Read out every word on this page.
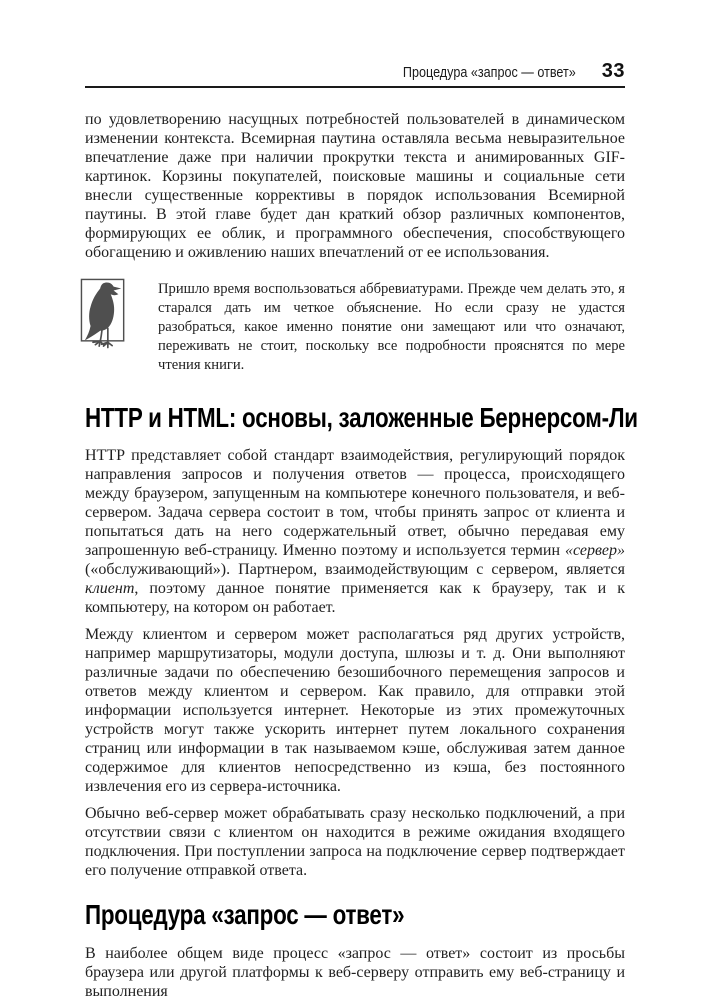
Процедура «запрос — ответ» 33

по удовлетворению насущных потребностей пользователей в динамическом изменении контекста. Всемирная паутина оставляла весьма невыразительное впечатление даже при наличии прокрутки текста и анимированных GIF-картинок. Корзины покупателей, поисковые машины и социальные сети внесли существенные коррективы в порядок использования Всемирной паутины. В этой главе будет дан краткий обзор различных компонентов, формирующих ее облик, и программного обеспечения, способствующего обогащению и оживлению наших впечатлений от ее использования.

Пришло время воспользоваться аббревиатурами. Прежде чем делать это, я старался дать им четкое объяснение. Но если сразу не удастся разобраться, какое именно понятие они замещают или что означают, переживать не стоит, поскольку все подробности прояснятся по мере чтения книги.

HTTP и HTML: основы, заложенные Бернерсом-Ли

HTTP представляет собой стандарт взаимодействия, регулирующий порядок направления запросов и получения ответов — процесса, происходящего между браузером, запущенным на компьютере конечного пользователя, и веб-сервером. Задача сервера состоит в том, чтобы принять запрос от клиента и попытаться дать на него содержательный ответ, обычно передавая ему запрошенную веб-страницу. Именно поэтому и используется термин «сервер» («обслуживающий»). Партнером, взаимодействующим с сервером, является клиент, поэтому данное понятие применяется как к браузеру, так и к компьютеру, на котором он работает.

Между клиентом и сервером может располагаться ряд других устройств, например маршрутизаторы, модули доступа, шлюзы и т. д. Они выполняют различные задачи по обеспечению безошибочного перемещения запросов и ответов между клиентом и сервером. Как правило, для отправки этой информации используется интернет. Некоторые из этих промежуточных устройств могут также ускорить интернет путем локального сохранения страниц или информации в так называемом кэше, обслуживая затем данное содержимое для клиентов непосредственно из кэша, без постоянного извлечения его из сервера-источника.

Обычно веб-сервер может обрабатывать сразу несколько подключений, а при отсутствии связи с клиентом он находится в режиме ожидания входящего подключения. При поступлении запроса на подключение сервер подтверждает его получение отправкой ответа.

Процедура «запрос — ответ»

В наиболее общем виде процесс «запрос — ответ» состоит из просьбы браузера или другой платформы к веб-серверу отправить ему веб-страницу и выполнения
